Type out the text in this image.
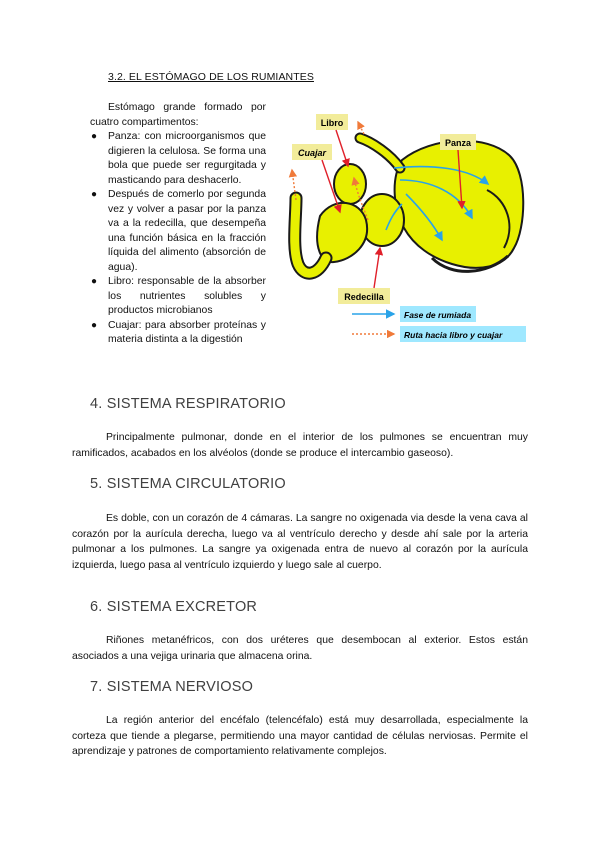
3.2. EL ESTÓMAGO DE LOS RUMIANTES

Estómago grande formado por cuatro compartimentos:

● Panza: con microorganismos que digieren la celulosa. Se forma una bola que puede ser regurgitada y masticando para deshacerlo.
● Después de comerlo por segunda vez y volver a pasar por la panza va a la redecilla, que desempeña una función básica en la fracción líquida del alimento (absorción de agua).
● Libro: responsable de la absorber los nutrientes solubles y productos microbianos
● Cuajar: para absorber proteínas y materia distinta a la digestión
Libro
Cuajar
Panza
Redecilla
Fase de rumiada
Ruta hacia libro y cuajar
4. SISTEMA RESPIRATORIO

Principalmente pulmonar, donde en el interior de los pulmones se encuentran muy ramificados, acabados en los alvéolos (donde se produce el intercambio gaseoso).

5. SISTEMA CIRCULATORIO

Es doble, con un corazón de 4 cámaras. La sangre no oxigenada via desde la vena cava al corazón por la aurícula derecha, luego va al ventrículo derecho y desde ahí sale por la arteria pulmonar a los pulmones. La sangre ya oxigenada entra de nuevo al corazón por la aurícula izquierda, luego pasa al ventrículo izquierdo y luego sale al cuerpo.

6. SISTEMA EXCRETOR

Riñones metanéfricos, con dos uréteres que desembocan al exterior. Estos están asociados a una vejiga urinaria que almacena orina.

7. SISTEMA NERVIOSO

La región anterior del encéfalo (telencéfalo) está muy desarrollada, especialmente la corteza que tiende a plegarse, permitiendo una mayor cantidad de células nerviosas. Permite el aprendizaje y patrones de comportamiento relativamente complejos.
